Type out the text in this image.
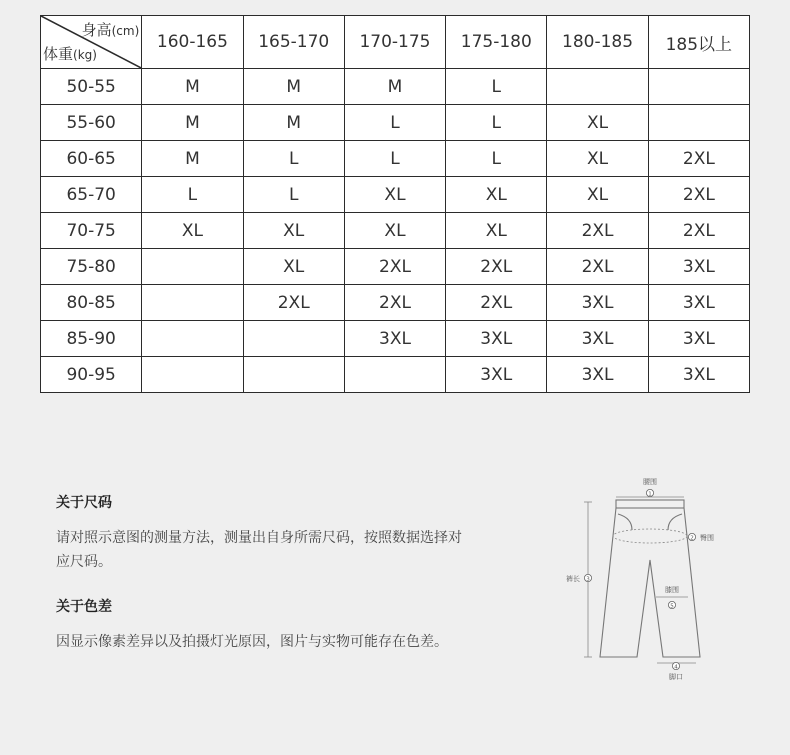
身高(cm)
体重(kg)	160-165	165-170	170-175	175-180	180-185	185以上
50-55	M	M	M	L		
55-60	M	M	L	L	XL	
60-65	M	L	L	L	XL	2XL
65-70	L	L	XL	XL	XL	2XL
70-75	XL	XL	XL	XL	2XL	2XL
75-80		XL	2XL	2XL	2XL	3XL
80-85		2XL	2XL	2XL	3XL	3XL
85-90			3XL	3XL	3XL	3XL
90-95				3XL	3XL	3XL

关于尺码

请对照示意图的测量方法，测量出自身所需尺码，按照数据选择对应尺码。

关于色差

因显示像素差异以及拍摄灯光原因，图片与实物可能存在色差。

腰围
1
2 臀围
裤长 3
膝围
5
4
脚口
